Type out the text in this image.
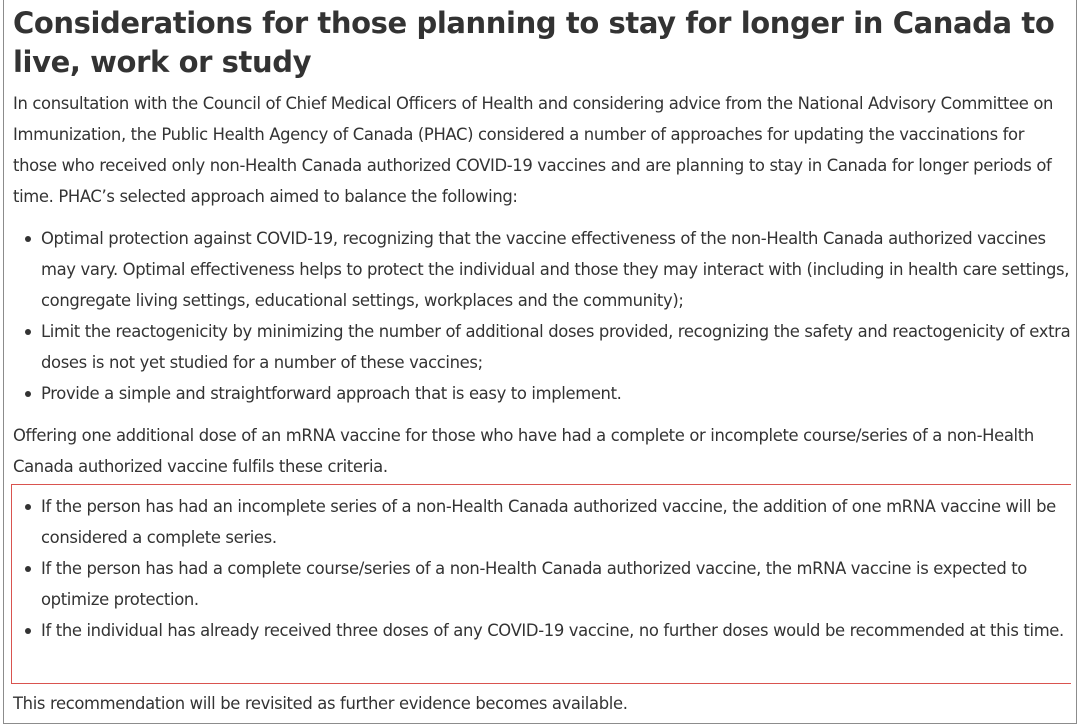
Considerations for those planning to stay for longer in Canada to live, work or study

In consultation with the Council of Chief Medical Officers of Health and considering advice from the National Advisory Committee on Immunization, the Public Health Agency of Canada (PHAC) considered a number of approaches for updating the vaccinations for those who received only non-Health Canada authorized COVID-19 vaccines and are planning to stay in Canada for longer periods of time. PHAC’s selected approach aimed to balance the following:

Optimal protection against COVID-19, recognizing that the vaccine effectiveness of the non-Health Canada authorized vaccines may vary. Optimal effectiveness helps to protect the individual and those they may interact with (including in health care settings, congregate living settings, educational settings, workplaces and the community);
Limit the reactogenicity by minimizing the number of additional doses provided, recognizing the safety and reactogenicity of extra doses is not yet studied for a number of these vaccines;
Provide a simple and straightforward approach that is easy to implement.

Offering one additional dose of an mRNA vaccine for those who have had a complete or incomplete course/series of a non-Health Canada authorized vaccine fulfils these criteria.

If the person has had an incomplete series of a non-Health Canada authorized vaccine, the addition of one mRNA vaccine will be considered a complete series.
If the person has had a complete course/series of a non-Health Canada authorized vaccine, the mRNA vaccine is expected to optimize protection.
If the individual has already received three doses of any COVID-19 vaccine, no further doses would be recommended at this time.

This recommendation will be revisited as further evidence becomes available.
